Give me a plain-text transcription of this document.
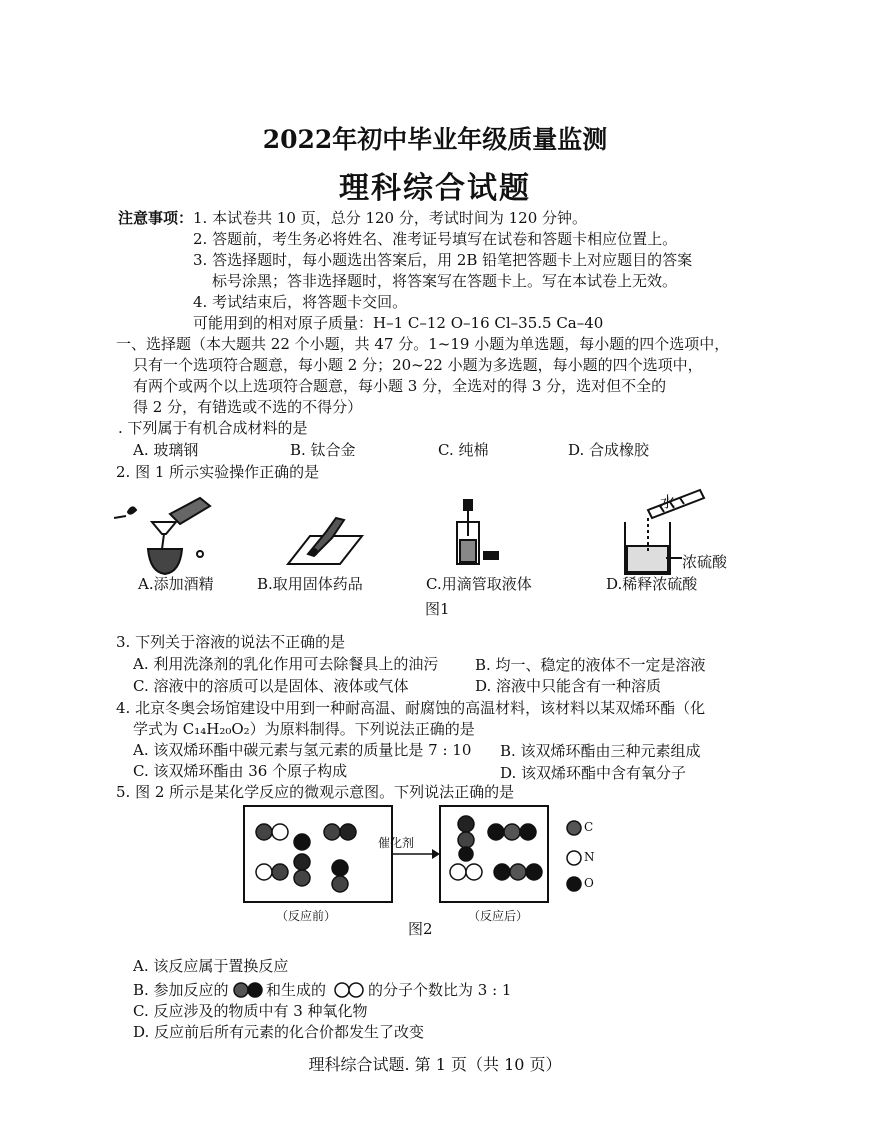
2022年初中毕业年级质量监测
理科综合试题
注意事项： 1. 本试卷共 10 页，总分 120 分，考试时间为 120 分钟。
2. 答题前，考生务必将姓名、准考证号填写在试卷和答题卡相应位置上。
3. 答选择题时，每小题选出答案后，用 2B 铅笔把答题卡上对应题目的答案
标号涂黑；答非选择题时，将答案写在答题卡上。写在本试卷上无效。
4. 考试结束后，将答题卡交回。
可能用到的相对原子质量：H–1 C–12 O–16 Cl–35.5 Ca–40
一、选择题（本大题共 22 个小题，共 47 分。1~19 小题为单选题，每小题的四个选项中，
只有一个选项符合题意，每小题 2 分；20~22 小题为多选题，每小题的四个选项中，
有两个或两个以上选项符合题意，每小题 3 分，全选对的得 3 分，选对但不全的
得 2 分，有错选或不选的不得分）
. 下列属于有机合成材料的是
A. 玻璃钢	B. 钛合金	C. 纯棉	D. 合成橡胶
2. 图 1 所示实验操作正确的是
水
浓硫酸
A.添加酒精	B.取用固体药品	C.用滴管取液体	D.稀释浓硫酸
图1
3. 下列关于溶液的说法不正确的是
A. 利用洗涤剂的乳化作用可去除餐具上的油污 B. 均一、稳定的液体不一定是溶液
C. 溶液中的溶质可以是固体、液体或气体	D. 溶液中只能含有一种溶质
4. 北京冬奥会场馆建设中用到一种耐高温、耐腐蚀的高温材料，该材料以某双烯环酯（化
学式为 C₁₄H₂₀O₂）为原料制得。下列说法正确的是
A. 该双烯环酯中碳元素与氢元素的质量比是 7 : 10 B. 该双烯环酯由三种元素组成
C. 该双烯环酯由 36 个原子构成	D. 该双烯环酯中含有氧分子
5. 图 2 所示是某化学反应的微观示意图。下列说法正确的是
催化剂
C
N
O
（反应前）	（反应后）
图2
A. 该反应属于置换反应
B. 参加反应的 和生成的	的分子个数比为 3 : 1
C. 反应涉及的物质中有 3 种氧化物
D. 反应前后所有元素的化合价都发生了改变
理科综合试题. 第 1 页（共 10 页）
